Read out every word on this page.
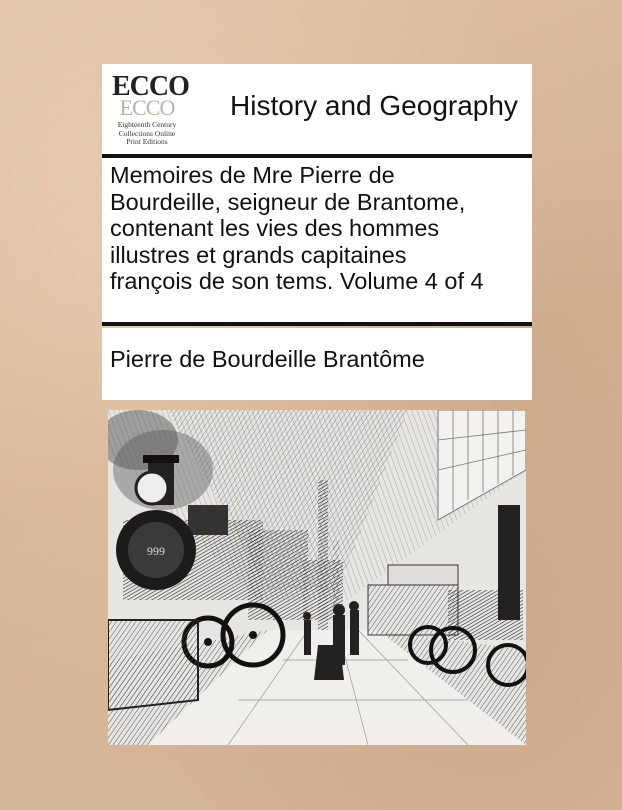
ECCO
ECCO
Eighteenth Century
Collections Online
Print Editions
History and Geography
Memoires de Mre Pierre de
Bourdeille, seigneur de Brantome,
contenant les vies des hommes
illustres et grands capitaines
françois de son tems. Volume 4 of 4
Pierre de Bourdeille Brantôme
999
